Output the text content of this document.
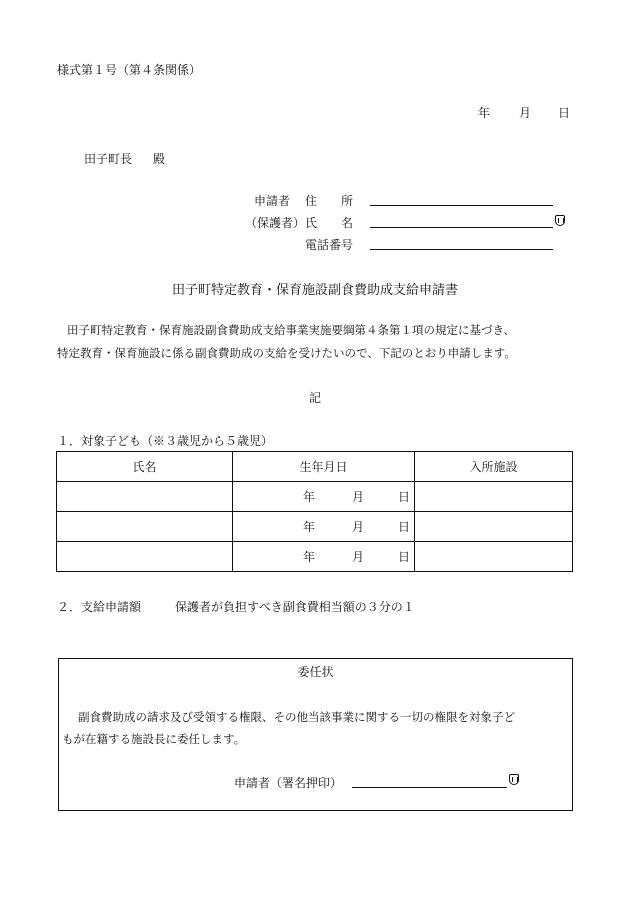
様式第１号（第４条関係）
年 月 日
田子町長 殿
申請者 住　　所
（保護者） 氏　　名
電話番号
田子町特定教育・保育施設副食費助成支給申請書
田子町特定教育・保育施設副食費助成支給事業実施要綱第４条第１項の規定に基づき、
特定教育・保育施設に係る副食費助成の支給を受けたいので、下記のとおり申請します。
記
１．対象子ども（※３歳児から５歳児）
氏名	生年月日	入所施設
	年 月 日	
	年 月 日	
	年 月 日	
２．支給申請額	保護者が負担すべき副食費相当額の３分の１
委任状
副食費助成の請求及び受領する権限、その他当該事業に関する一切の権限を対象子ど
もが在籍する施設長に委任します。
申請者（署名押印）
